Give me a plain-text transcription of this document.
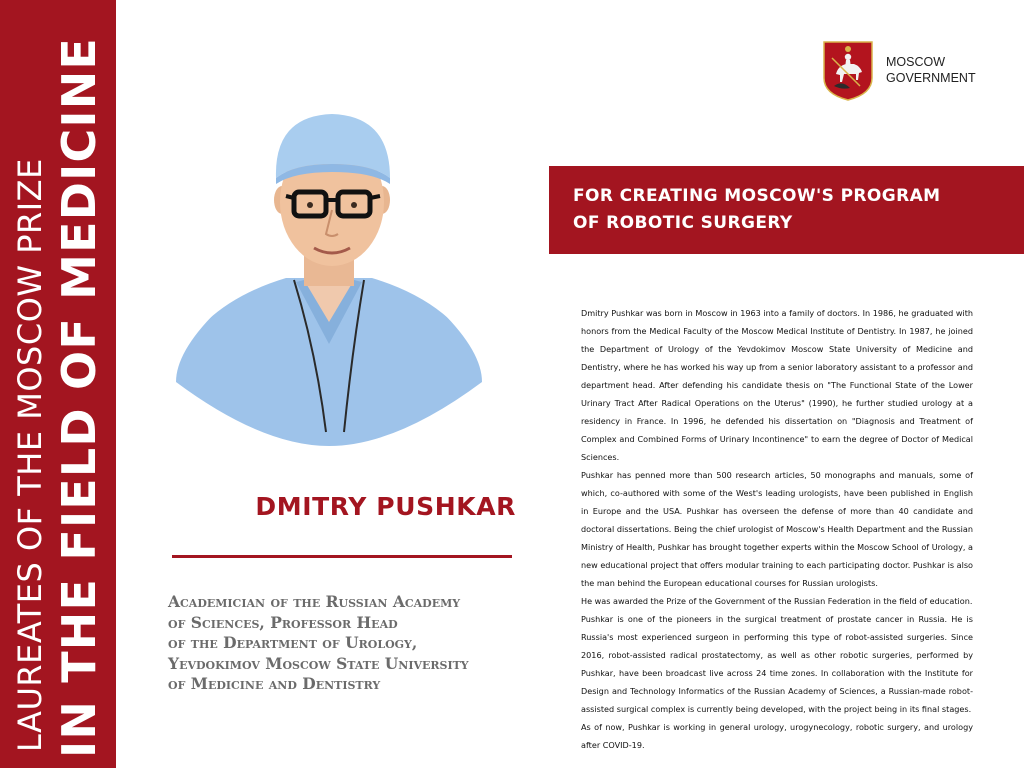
LAUREATES OF THE MOSCOW PRIZE IN THE FIELD OF MEDICINE	MOSCOW
GOVERNMENT
FOR CREATING MOSCOW'S PROGRAM
OF ROBOTIC SURGERY
DMITRY PUSHKAR
Academician of the Russian Academy
of Sciences, Professor Head
of the Department of Urology,
Yevdokimov Moscow State University
of Medicine and Dentistry

Dmitry Pushkar was born in Moscow in 1963 into a family of doctors. In 1986, he graduated with honors from the Medical Faculty of the Moscow Medical Institute of Dentistry. In 1987, he joined the Department of Urology of the Yevdokimov Moscow State University of Medicine and Dentistry, where he has worked his way up from a senior laboratory assistant to a professor and department head. After defending his candidate thesis on "The Functional State of the Lower Urinary Tract After Radical Operations on the Uterus" (1990), he further studied urology at a residency in France. In 1996, he defended his dissertation on "Diagnosis and Treatment of Complex and Combined Forms of Urinary Incontinence" to earn the degree of Doctor of Medical Sciences.

Pushkar has penned more than 500 research articles, 50 monographs and manuals, some of which, co-authored with some of the West's leading urologists, have been published in English in Europe and the USA. Pushkar has overseen the defense of more than 40 candidate and doctoral dissertations. Being the chief urologist of Moscow's Health Department and the Russian Ministry of Health, Pushkar has brought together experts within the Moscow School of Urology, a new educational project that offers modular training to each participating doctor. Pushkar is also the man behind the European educational courses for Russian urologists.

He was awarded the Prize of the Government of the Russian Federation in the field of education.

Pushkar is one of the pioneers in the surgical treatment of prostate cancer in Russia. He is Russia's most experienced surgeon in performing this type of robot-assisted surgeries. Since 2016, robot-assisted radical prostatectomy, as well as other robotic surgeries, performed by Pushkar, have been broadcast live across 24 time zones. In collaboration with the Institute for Design and Technology Informatics of the Russian Academy of Sciences, a Russian-made robot-assisted surgical complex is currently being developed, with the project being in its final stages.

As of now, Pushkar is working in general urology, urogynecology, robotic surgery, and urology after COVID-19.
